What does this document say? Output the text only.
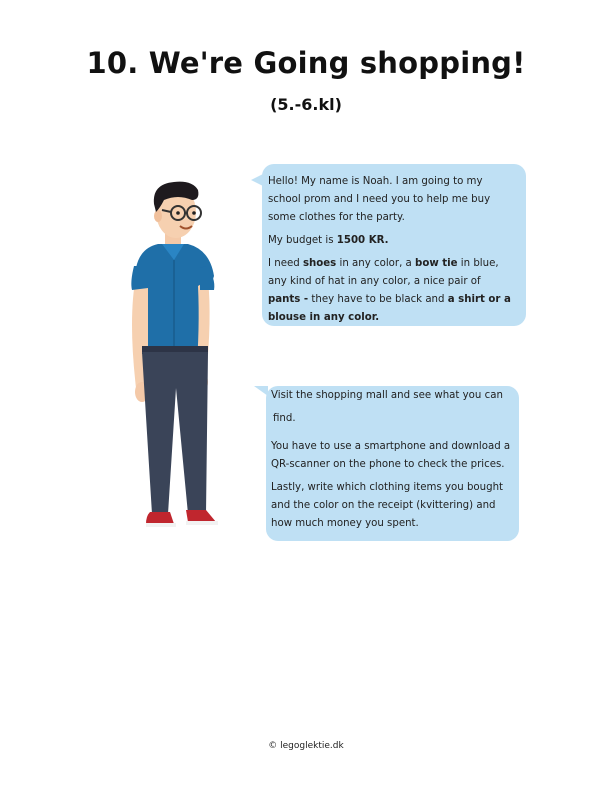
10. We're Going shopping!
(5.-6.kl)

Hello! My name is Noah. I am going to my school prom and I need you to help me buy some clothes for the party.

My budget is 1500 KR.

I need shoes in any color, a bow tie in blue, any kind of hat in any color, a nice pair of pants - they have to be black and a shirt or a blouse in any color.

Visit the shopping mall and see what you can

find.

You have to use a smartphone and download a QR-scanner on the phone to check the prices.

Lastly, write which clothing items you bought and the color on the receipt (kvittering) and how much money you spent.

© legoglektie.dk
